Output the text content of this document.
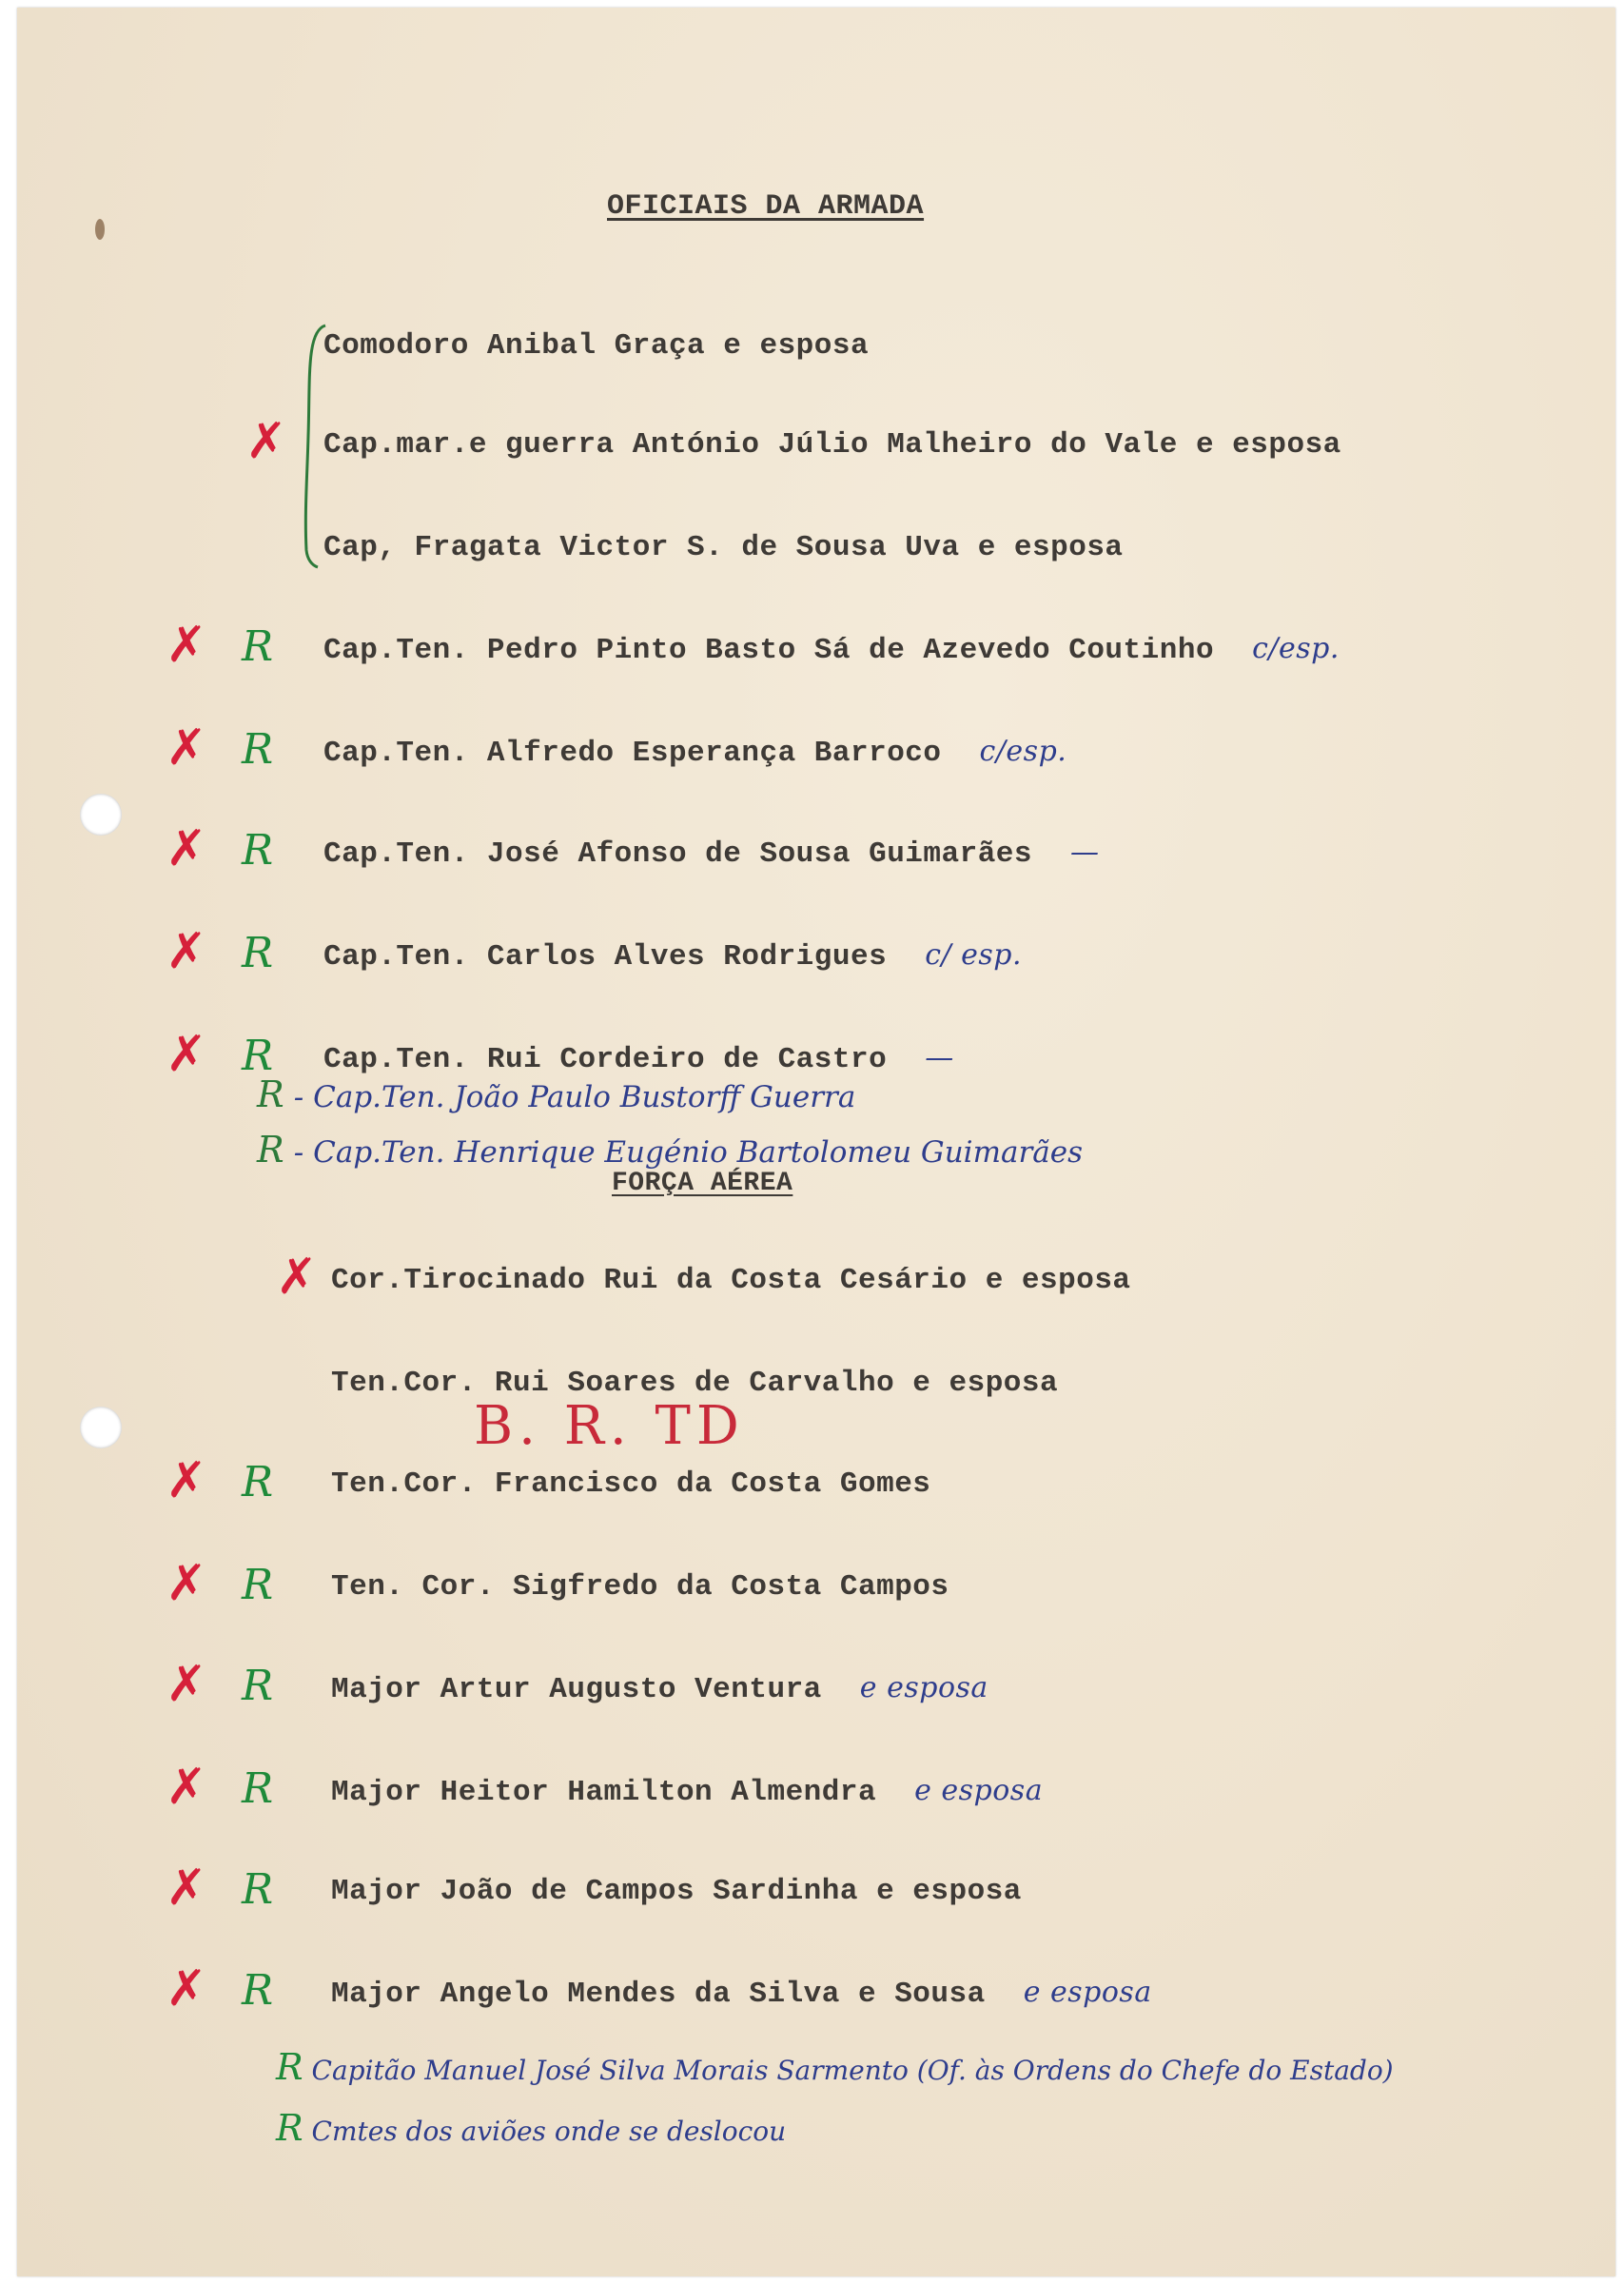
OFICIAIS DA ARMADA
Comodoro Anibal Graça e esposa
✗ Cap.mar.e guerra António Júlio Malheiro do Vale e esposa
Cap, Fragata Victor S. de Sousa Uva e esposa
✗ R Cap.Ten. Pedro Pinto Basto Sá de Azevedo Coutinho c/esp.
✗ R Cap.Ten. Alfredo Esperança Barroco c/esp.
✗ R Cap.Ten. José Afonso de Sousa Guimarães —
✗ R Cap.Ten. Carlos Alves Rodrigues c/ esp.
✗ R Cap.Ten. Rui Cordeiro de Castro —
R - Cap.Ten. João Paulo Bustorff Guerra
R - Cap.Ten. Henrique Eugénio Bartolomeu Guimarães
FORÇA AÉREA
B. R. TD
✗ Cor.Tirocinado Rui da Costa Cesário e esposa
Ten.Cor. Rui Soares de Carvalho e esposa
✗ R Ten.Cor. Francisco da Costa Gomes
✗ R Ten. Cor. Sigfredo da Costa Campos
✗ R Major Artur Augusto Ventura e esposa
✗ R Major Heitor Hamilton Almendra e esposa
✗ R Major João de Campos Sardinha e esposa
✗ R Major Angelo Mendes da Silva e Sousa e esposa
R Capitão Manuel José Silva Morais Sarmento (Of. às Ordens do Chefe do Estado)
R Cmtes dos aviões onde se deslocou
